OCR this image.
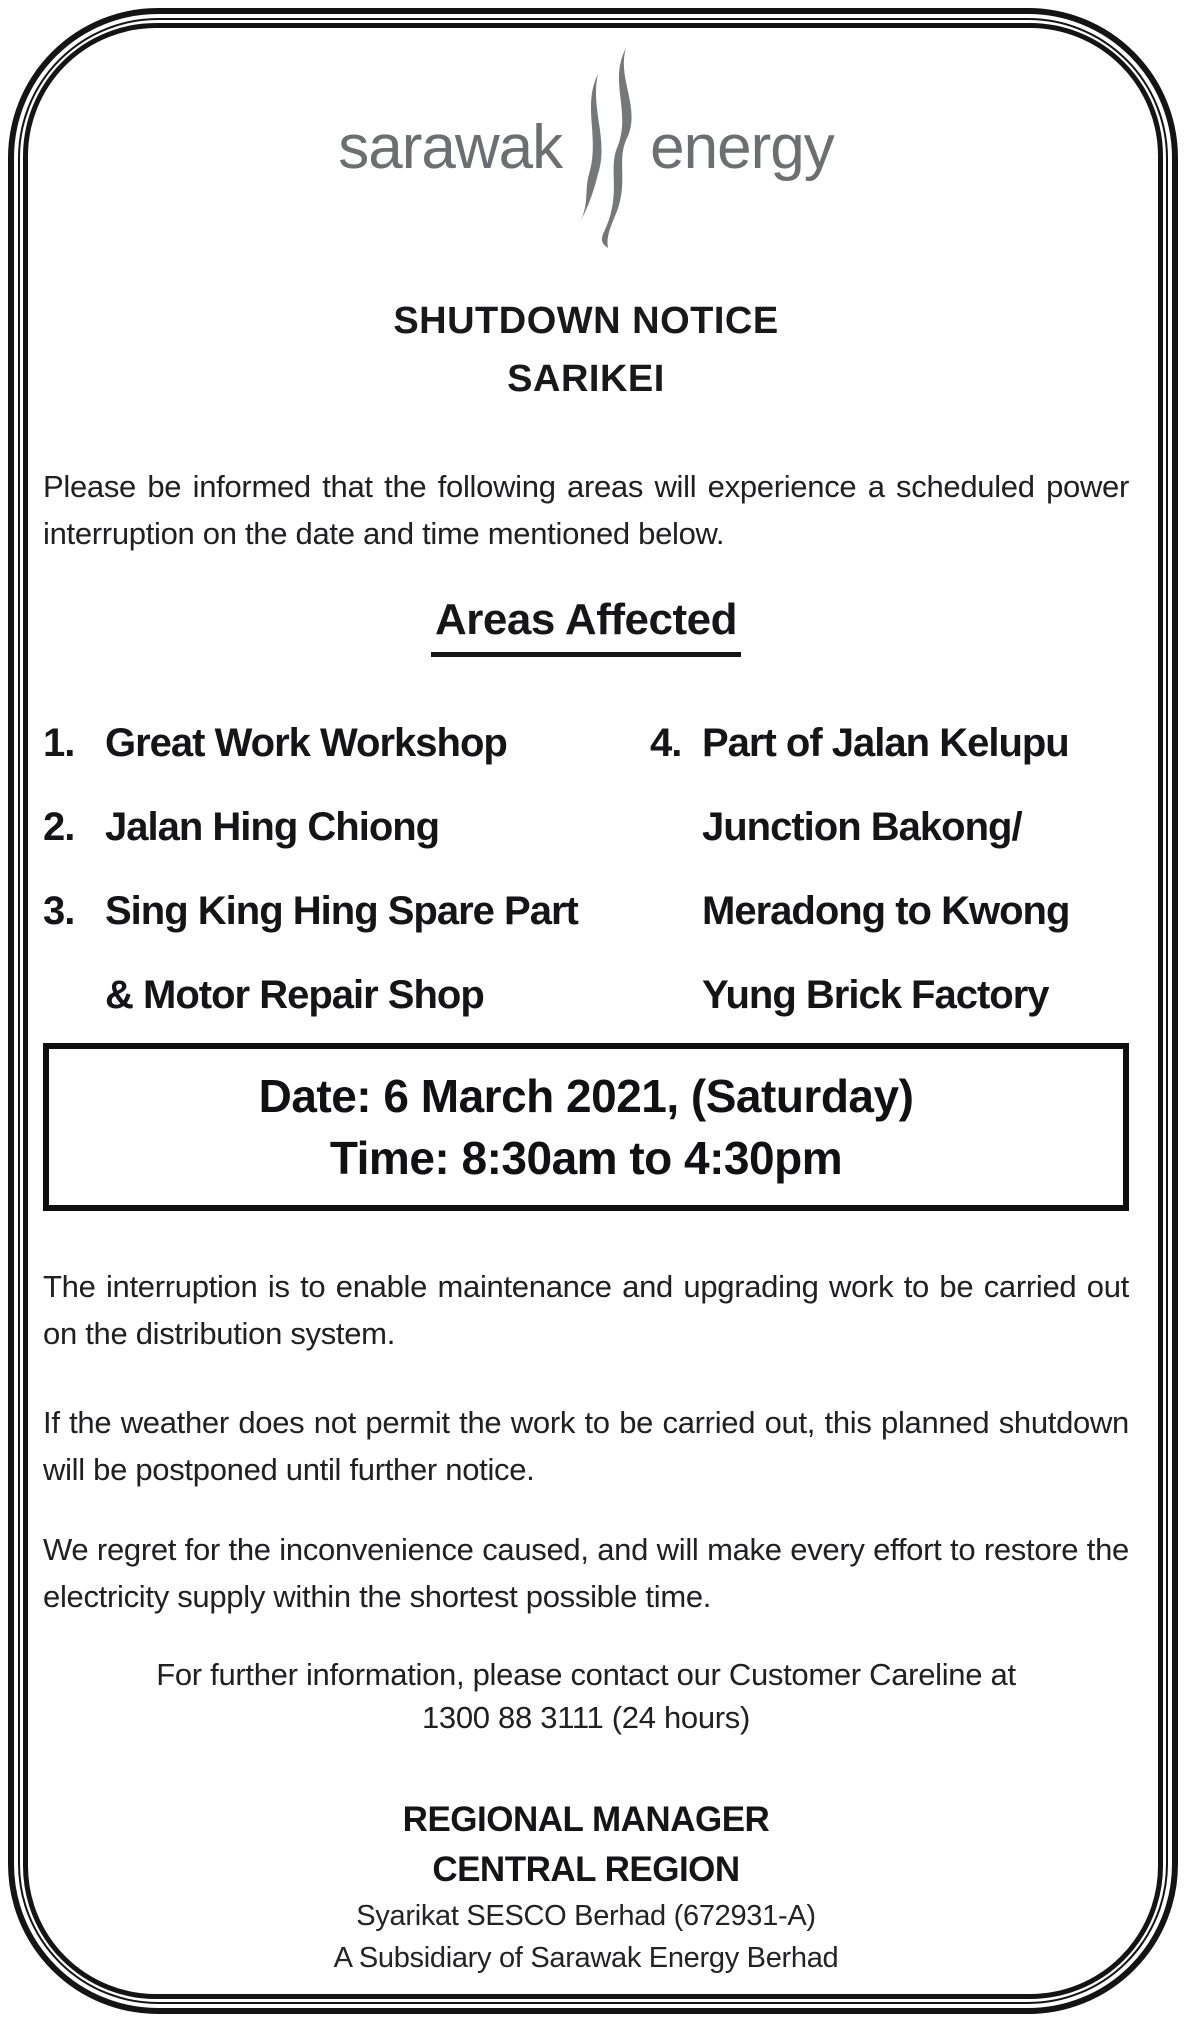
sarawak energy
SHUTDOWN NOTICE
SARIKEI

Please be informed that the following areas will experience a scheduled power interruption on the date and time mentioned below.

Areas Affected
1. Great Work Workshop	4. Part of Jalan Kelupu
2. Jalan Hing Chiong	Junction Bakong/
3. Sing King Hing Spare Part	Meradong to Kwong
& Motor Repair Shop	Yung Brick Factory
Date: 6 March 2021, (Saturday)
Time: 8:30am to 4:30pm

The interruption is to enable maintenance and upgrading work to be carried out on the distribution system.

If the weather does not permit the work to be carried out, this planned shutdown will be postponed until further notice.

We regret for the inconvenience caused, and will make every effort to restore the electricity supply within the shortest possible time.

For further information, please contact our Customer Careline at
1300 88 3111 (24 hours)
REGIONAL MANAGER
CENTRAL REGION
Syarikat SESCO Berhad (672931-A)
A Subsidiary of Sarawak Energy Berhad
